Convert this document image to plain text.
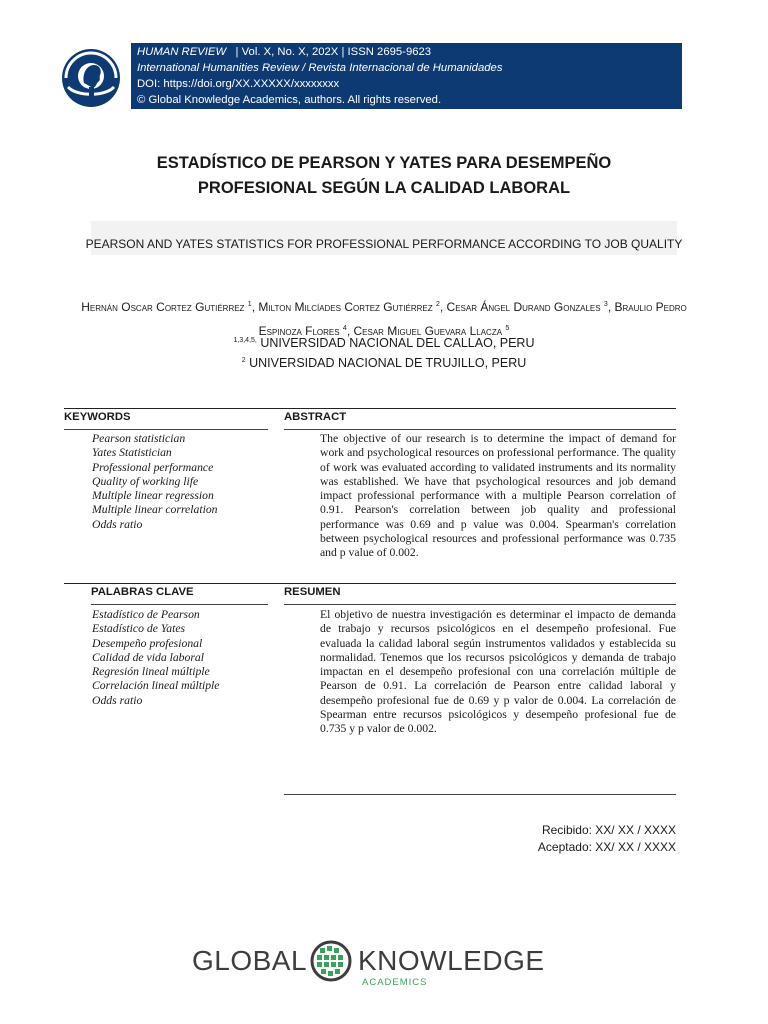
HUMAN REVIEW | Vol. X, No. X, 202X | ISSN 2695-9623
International Humanities Review / Revista Internacional de Humanidades
DOI: https://doi.org/XX.XXXXX/xxxxxxxx
© Global Knowledge Academics, authors. All rights reserved.
ESTADÍSTICO DE PEARSON Y YATES PARA DESEMPEÑO
PROFESIONAL SEGÚN LA CALIDAD LABORAL
PEARSON AND YATES STATISTICS FOR PROFESSIONAL PERFORMANCE ACCORDING TO JOB QUALITY
Hernán Oscar Cortez Gutiérrez $^1$, Milton Milcíades Cortez Gutiérrez $^2$, Cesar Ángel Durand Gonzales $^3$, Braulio Pedro Espinoza Flores $^4$, Cesar Miguel Guevara Llacza $^5$
$^{1,3,4,5,}$ UNIVERSIDAD NACIONAL DEL CALLAO, PERU
$^2$ UNIVERSIDAD NACIONAL DE TRUJILLO, PERU
KEYWORDS	ABSTRACT
Pearson statistician
Yates Statistician
Professional performance
Quality of working life
Multiple linear regression
Multiple linear correlation
Odds ratio
The objective of our research is to determine the impact of demand for work and psychological resources on professional performance. The quality of work was evaluated according to validated instruments and its normality was established. We have that psychological resources and job demand impact professional performance with a multiple Pearson correlation of 0.91. Pearson's correlation between job quality and professional performance was 0.69 and p value was 0.004. Spearman's correlation between psychological resources and professional performance was 0.735 and p value of 0.002.
PALABRAS CLAVE	RESUMEN
Estadístico de Pearson
Estadístico de Yates
Desempeño profesional
Calidad de vida laboral
Regresión lineal múltiple
Correlación lineal múltiple
Odds ratio
El objetivo de nuestra investigación es determinar el impacto de demanda de trabajo y recursos psicológicos en el desempeño profesional. Fue evaluada la calidad laboral según instrumentos validados y establecida su normalidad. Tenemos que los recursos psicológicos y demanda de trabajo impactan en el desempeño profesional con una correlación múltiple de Pearson de 0.91. La correlación de Pearson entre calidad laboral y desempeño profesional fue de 0.69 y p valor de 0.004. La correlación de Spearman entre recursos psicológicos y desempeño profesional fue de 0.735 y p valor de 0.002.
Recibido: XX/ XX / XXXX
Aceptado: XX/ XX / XXXX
GLOBAL KNOWLEDGE
ACADEMICS
